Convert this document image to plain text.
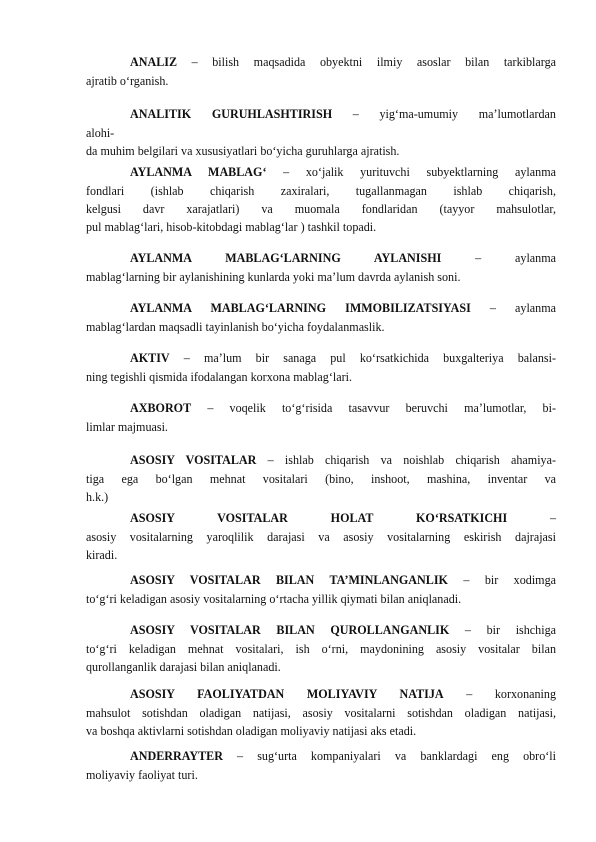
ANALIZ – bilish maqsadida obyektni ilmiy asoslar bilan tarkiblarga
ajratib o‘rganish.
ANALITIK GURUHLASHTIRISH – yig‘ma-umumiy ma’lumotlardan
alohi-
da muhim belgilari va xususiyatlari bo‘yicha guruhlarga ajratish.
AYLANMA MABLAG‘ – xo‘jalik yurituvchi subyektlarning aylanma
fondlari (ishlab chiqarish zaxiralari, tugallanmagan ishlab chiqarish,
kelgusi davr xarajatlari) va muomala fondlaridan (tayyor mahsulotlar,
pul mablag‘lari, hisob-kitobdagi mablag‘lar ) tashkil topadi.
AYLANMA MABLAG‘LARNING AYLANISHI – aylanma
mablag‘larning bir aylanishining kunlarda yoki ma’lum davrda aylanish soni.
AYLANMA MABLAG‘LARNING IMMOBILIZATSIYASI – aylanma
mablag‘lardan maqsadli tayinlanish bo‘yicha foydalanmaslik.
AKTIV – ma’lum bir sanaga pul ko‘rsatkichida buxgalteriya balansi-
ning tegishli qismida ifodalangan korxona mablag‘lari.
AXBOROT – voqelik to‘g‘risida tasavvur beruvchi ma’lumotlar, bi-
limlar majmuasi.
ASOSIY VOSITALAR – ishlab chiqarish va noishlab chiqarish ahamiya-
tiga ega bo‘lgan mehnat vositalari (bino, inshoot, mashina, inventar va
h.k.)
ASOSIY VOSITALAR HOLAT KO‘RSATKICHI –
asosiy vositalarning yaroqlilik darajasi va asosiy vositalarning eskirish dajrajasi
kiradi.
ASOSIY VOSITALAR BILAN TA’MINLANGANLIK – bir xodimga
to‘g‘ri keladigan asosiy vositalarning o‘rtacha yillik qiymati bilan aniqlanadi.
ASOSIY VOSITALAR BILAN QUROLLANGANLIK – bir ishchiga
to‘g‘ri keladigan mehnat vositalari, ish o‘rni, maydonining asosiy vositalar bilan
qurollanganlik darajasi bilan aniqlanadi.
ASOSIY FAOLIYATDAN MOLIYAVIY NATIJA – korxonaning
mahsulot sotishdan oladigan natijasi, asosiy vositalarni sotishdan oladigan natijasi,
va boshqa aktivlarni sotishdan oladigan moliyaviy natijasi aks etadi.
ANDERRAYTER – sug‘urta kompaniyalari va banklardagi eng obro‘li
moliyaviy faoliyat turi.
